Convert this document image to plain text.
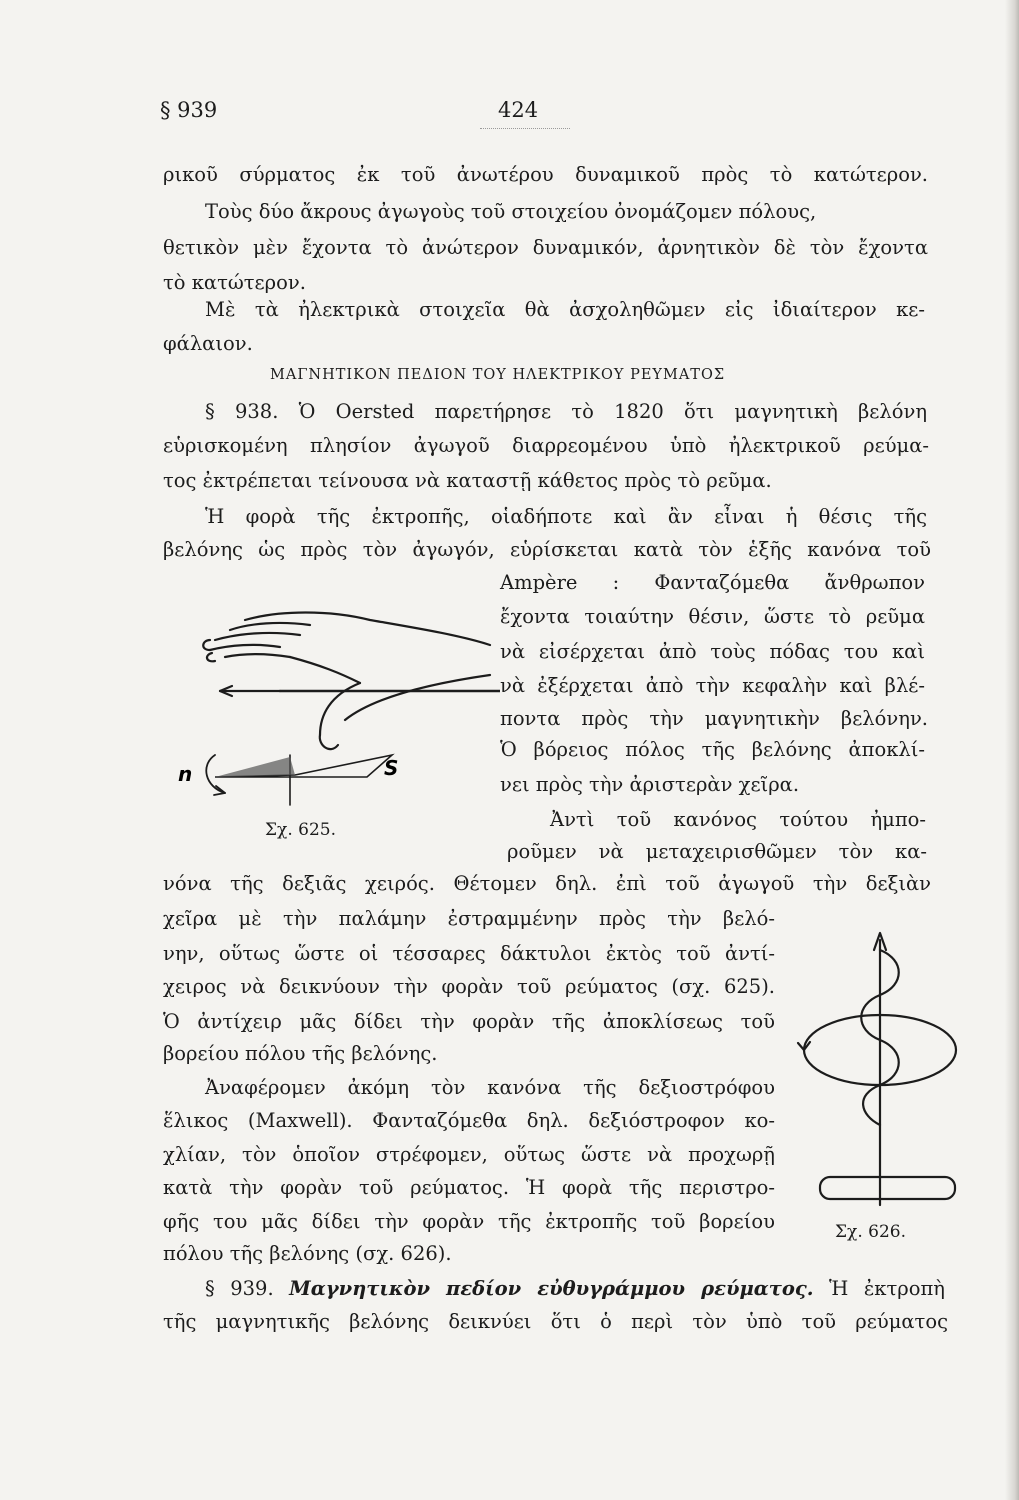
§ 939	424
ρικοῦ σύρματος ἐκ τοῦ ἀνωτέρου δυναμικοῦ πρὸς τὸ κατώτερον.
Τοὺς δύο ἄκρους ἀγωγοὺς τοῦ στοιχείου ὀνομάζομεν πόλους,
θετικὸν μὲν ἔχοντα τὸ ἀνώτερον δυναμικόν, ἀρνητικὸν δὲ τὸν ἔχοντα
τὸ κατώτερον.
Μὲ τὰ ἠλεκτρικὰ στοιχεῖα θὰ ἀσχοληθῶμεν εἰς ἰδιαίτερον κε-
φάλαιον.
ΜΑΓΝΗΤΙΚΟΝ ΠΕΔΙΟΝ ΤΟΥ ΗΛΕΚΤΡΙΚΟΥ ΡΕΥΜΑΤΟΣ
§ 938. Ὁ Oersted παρετήρησε τὸ 1820 ὅτι μαγνητικὴ βελόνη
εὑρισκομένη πλησίον ἀγωγοῦ διαρρεομένου ὑπὸ ἠλεκτρικοῦ ρεύμα-
τος ἐκτρέπεται τείνουσα νὰ καταστῇ κάθετος πρὸς τὸ ρεῦμα.
Ἡ φορὰ τῆς ἐκτροπῆς, οἱαδήποτε καὶ ἂν εἶναι ἡ θέσις τῆς
βελόνης ὡς πρὸς τὸν ἀγωγόν, εὑρίσκεται κατὰ τὸν ἑξῆς κανόνα τοῦ
Ampère : Φανταζόμεθα ἄνθρωπον
ἔχοντα τοιαύτην θέσιν, ὥστε τὸ ρεῦμα
νὰ εἰσέρχεται ἀπὸ τοὺς πόδας του καὶ
νὰ ἐξέρχεται ἀπὸ τὴν κεφαλὴν καὶ βλέ-
ποντα πρὸς τὴν μαγνητικὴν βελόνην.
Ὁ βόρειος πόλος τῆς βελόνης ἀποκλί-
νει πρὸς τὴν ἀριστερὰν χεῖρα.
Ἀντὶ τοῦ κανόνος τούτου ἠμπο-
ροῦμεν νὰ μεταχειρισθῶμεν τὸν κα-
νόνα τῆς δεξιᾶς χειρός. Θέτομεν δηλ. ἐπὶ τοῦ ἀγωγοῦ τὴν δεξιὰν
χεῖρα μὲ τὴν παλάμην ἐστραμμένην πρὸς τὴν βελό-
νην, οὕτως ὥστε οἱ τέσσαρες δάκτυλοι ἐκτὸς τοῦ ἀντί-
χειρος νὰ δεικνύουν τὴν φορὰν τοῦ ρεύματος (σχ. 625).
Ὁ ἀντίχειρ μᾶς δίδει τὴν φορὰν τῆς ἀποκλίσεως τοῦ
βορείου πόλου τῆς βελόνης.
Ἀναφέρομεν ἀκόμη τὸν κανόνα τῆς δεξιοστρόφου
ἕλικος (Maxwell). Φανταζόμεθα δηλ. δεξιόστροφον κο-
χλίαν, τὸν ὁποῖον στρέφομεν, οὕτως ὥστε νὰ προχωρῇ
κατὰ τὴν φορὰν τοῦ ρεύματος. Ἡ φορὰ τῆς περιστρο-
φῆς του μᾶς δίδει τὴν φορὰν τῆς ἐκτροπῆς τοῦ βορείου
πόλου τῆς βελόνης (σχ. 626).
§ 939. Μαγνητικὸν πεδίον εὐθυγράμμου ρεύματος. Ἡ ἐκτροπὴ
τῆς μαγνητικῆς βελόνης δεικνύει ὅτι ὁ περὶ τὸν ὑπὸ τοῦ ρεύματος
n	S
Σχ. 625.
Σχ. 626.
